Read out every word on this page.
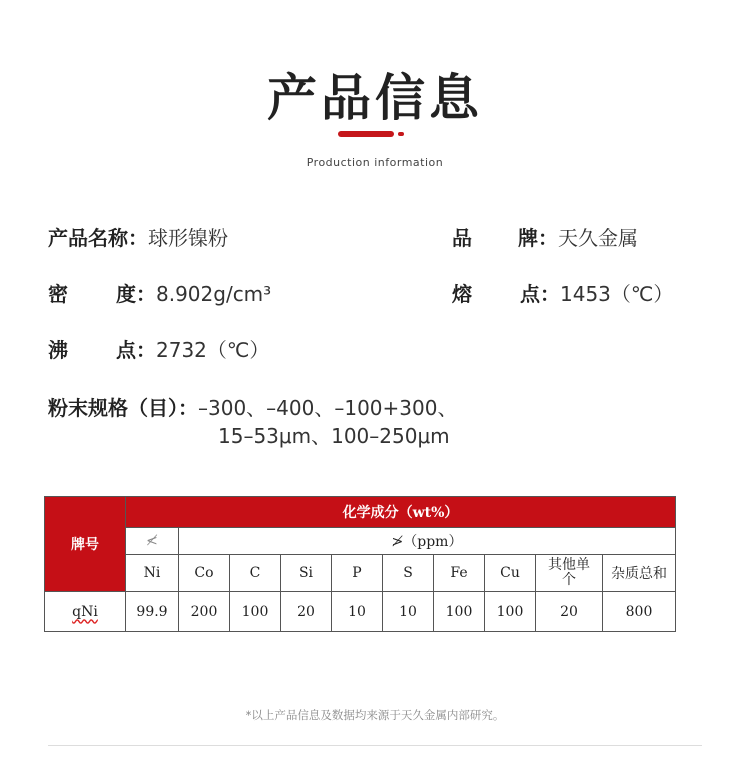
产品信息
Production information
产品名称：球形镍粉	品 牌：天久金属
密 度：8.902g/cm³	熔 点：1453（℃）
沸 点：2732（℃）
粉末规格（目）：–300、–400、–100+300、
15–53μm、100–250μm
牌号	化学成分（wt%）									
	≮	≯（ppm）								
	Ni	Co	C	Si	P	S	Fe	Cu	其他单个	杂质总和
qNi	99.9	200	100	20	10	10	100	100	20	800
*以上产品信息及数据均来源于天久金属内部研究。
